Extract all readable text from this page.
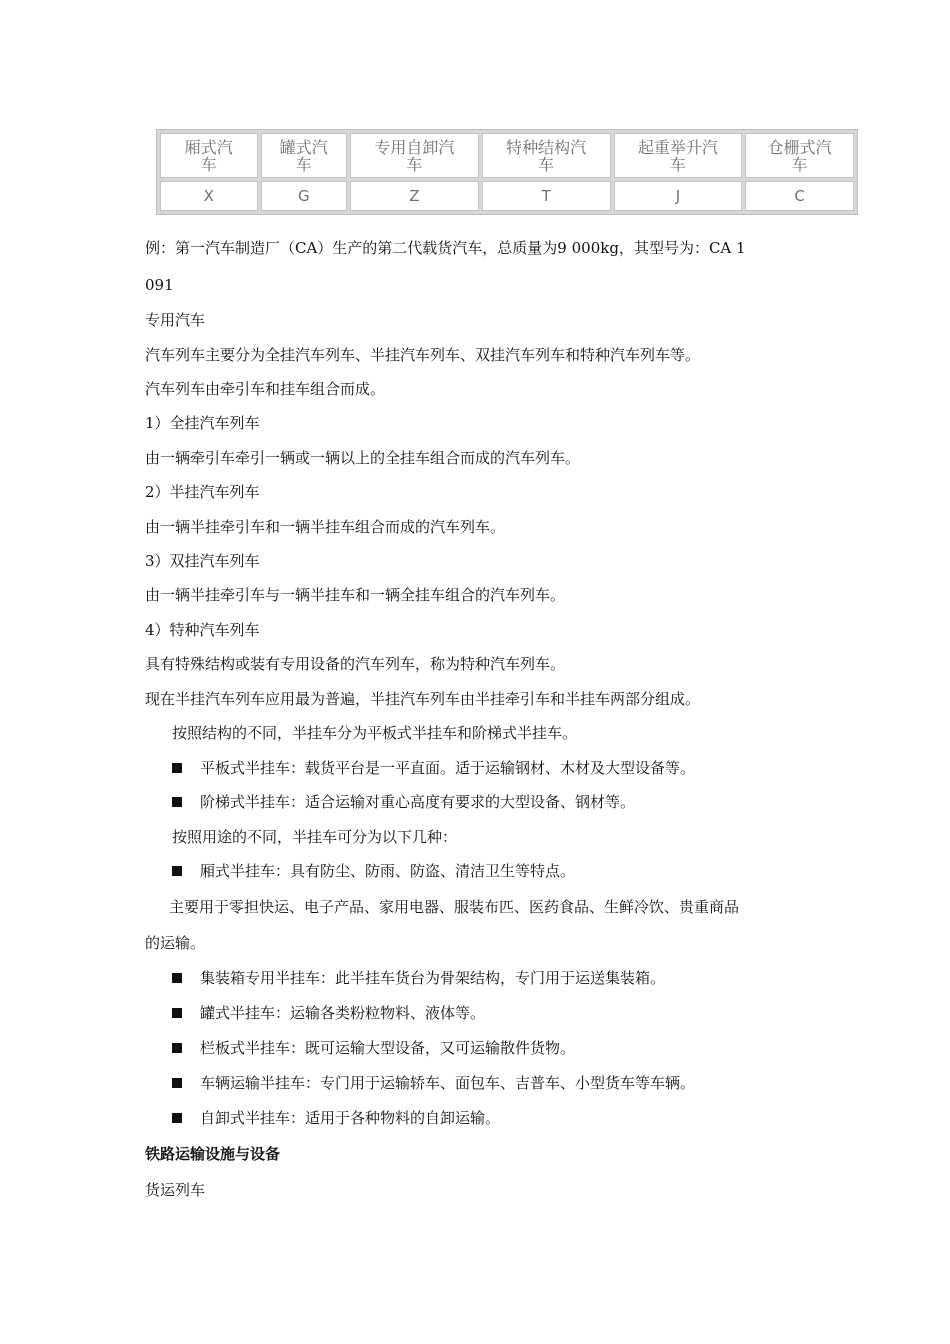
厢式汽
车	罐式汽
车	专用自卸汽
车	特种结构汽
车	起重举升汽
车	仓栅式汽
车
X	G	Z	T	J	C
例：第一汽车制造厂（CA）生产的第二代载货汽车，总质量为9 000kg，其型号为：CA 1
091
专用汽车
汽车列车主要分为全挂汽车列车、半挂汽车列车、双挂汽车列车和特种汽车列车等。
汽车列车由牵引车和挂车组合而成。
1）全挂汽车列车
由一辆牵引车牵引一辆或一辆以上的全挂车组合而成的汽车列车。
2）半挂汽车列车
由一辆半挂牵引车和一辆半挂车组合而成的汽车列车。
3）双挂汽车列车
由一辆半挂牵引车与一辆半挂车和一辆全挂车组合的汽车列车。
4）特种汽车列车
具有特殊结构或装有专用设备的汽车列车，称为特种汽车列车。
现在半挂汽车列车应用最为普遍，半挂汽车列车由半挂牵引车和半挂车两部分组成。
按照结构的不同，半挂车分为平板式半挂车和阶梯式半挂车。
平板式半挂车：载货平台是一平直面。适于运输钢材、木材及大型设备等。
阶梯式半挂车：适合运输对重心高度有要求的大型设备、钢材等。
按照用途的不同，半挂车可分为以下几种：
厢式半挂车：具有防尘、防雨、防盗、清洁卫生等特点。
主要用于零担快运、电子产品、家用电器、服装布匹、医药食品、生鲜冷饮、贵重商品
的运输。
集装箱专用半挂车：此半挂车货台为骨架结构，专门用于运送集装箱。
罐式半挂车：运输各类粉粒物料、液体等。
栏板式半挂车：既可运输大型设备，又可运输散件货物。
车辆运输半挂车：专门用于运输轿车、面包车、吉普车、小型货车等车辆。
自卸式半挂车：适用于各种物料的自卸运输。
铁路运输设施与设备
货运列车
